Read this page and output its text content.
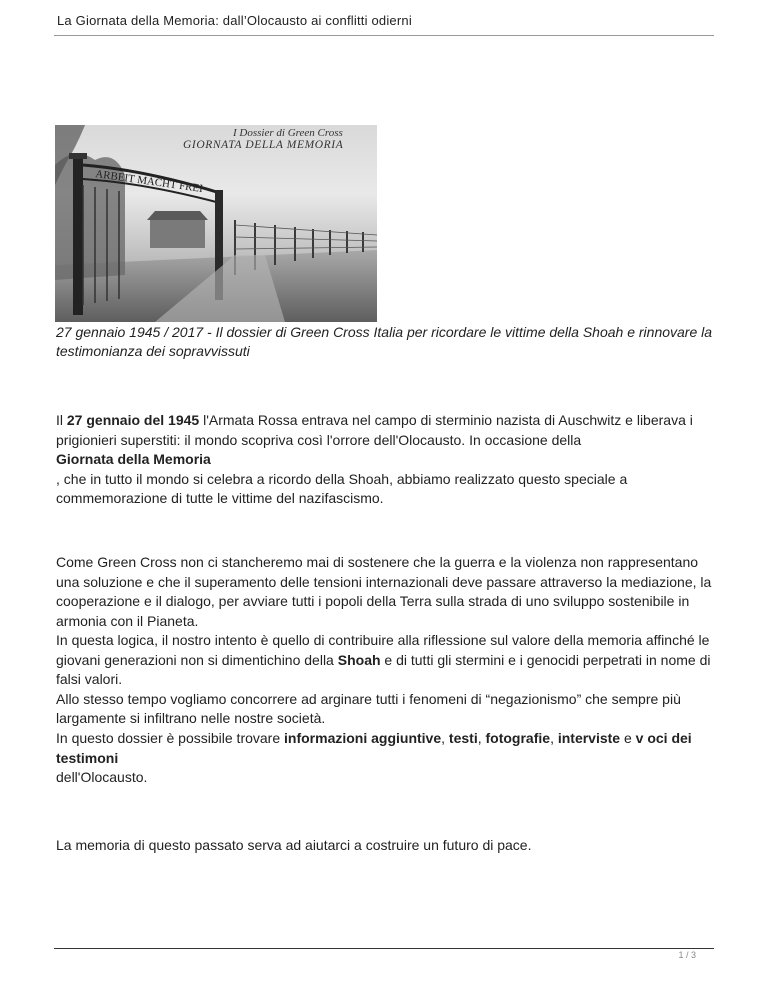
La Giornata della Memoria: dall’Olocausto ai conflitti odierni
ARBEIT MACHT FREI
I Dossier di Green Cross
GIORNATA DELLA MEMORIA
27 gennaio 1945 / 2017 - Il dossier di Green Cross Italia per ricordare le vittime della Shoah e rinnovare la testimonianza dei sopravvissuti
Il 27 gennaio del 1945 l'Armata Rossa entrava nel campo di sterminio nazista di Auschwitz e liberava i prigionieri superstiti: il mondo scopriva così l'orrore dell'Olocausto. In occasione della
Giornata della Memoria
, che in tutto il mondo si celebra a ricordo della Shoah, abbiamo realizzato questo speciale a commemorazione di tutte le vittime del nazifascismo.
Come Green Cross non ci stancheremo mai di sostenere che la guerra e la violenza non rappresentano una soluzione e che il superamento delle tensioni internazionali deve passare attraverso la mediazione, la cooperazione e il dialogo, per avviare tutti i popoli della Terra sulla strada di uno sviluppo sostenibile in armonia con il Pianeta.
In questa logica, il nostro intento è quello di contribuire alla riflessione sul valore della memoria affinché le giovani generazioni non si dimentichino della Shoah e di tutti gli stermini e i genocidi perpetrati in nome di falsi valori.
Allo stesso tempo vogliamo concorrere ad arginare tutti i fenomeni di “negazionismo” che sempre più largamente si infiltrano nelle nostre società.
In questo dossier è possibile trovare informazioni aggiuntive, testi, fotografie, interviste e v oci dei testimoni
dell'Olocausto.
La memoria di questo passato serva ad aiutarci a costruire un futuro di pace.
1 / 3
